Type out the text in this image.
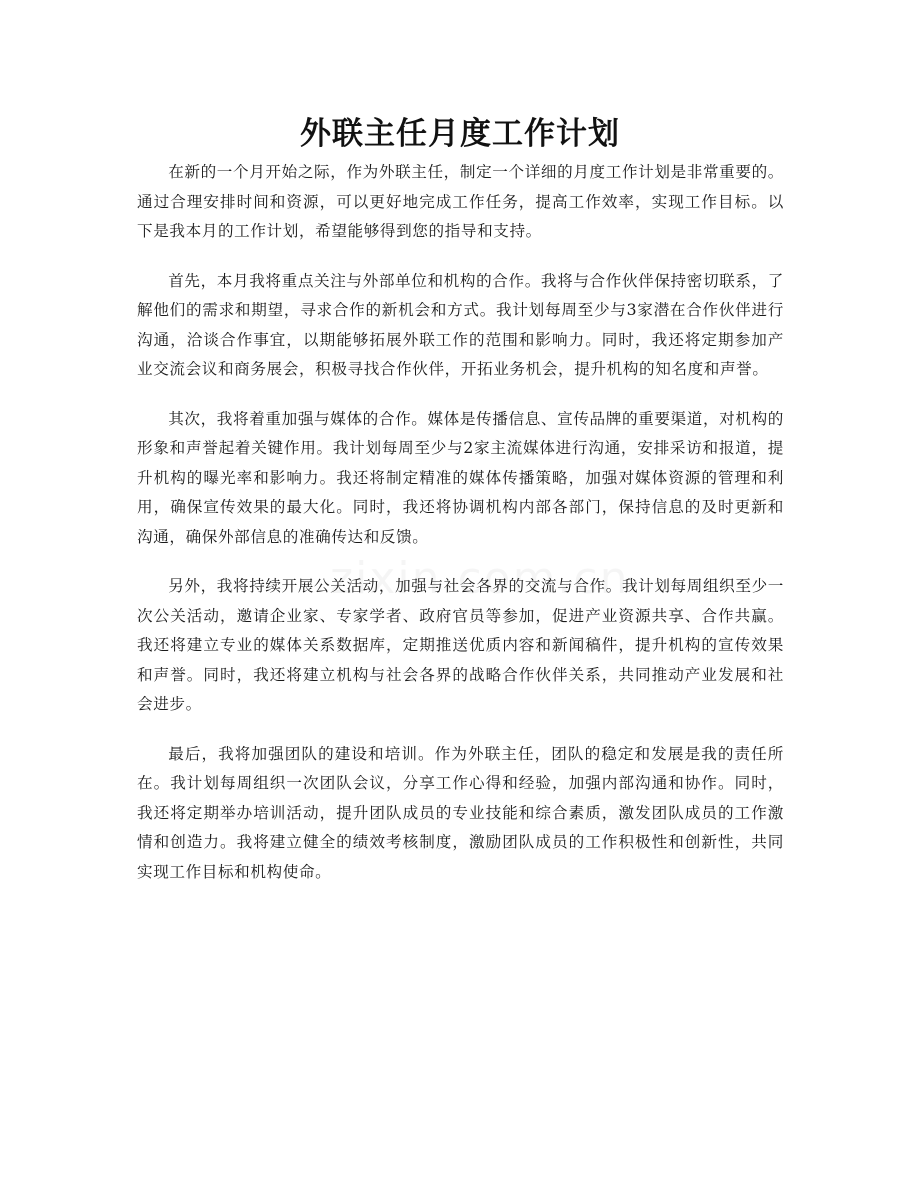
外联主任月度工作计划

在新的一个月开始之际，作为外联主任，制定一个详细的月度工作计划是非常重要的。通过合理安排时间和资源，可以更好地完成工作任务，提高工作效率，实现工作目标。以下是我本月的工作计划，希望能够得到您的指导和支持。

首先，本月我将重点关注与外部单位和机构的合作。我将与合作伙伴保持密切联系，了解他们的需求和期望，寻求合作的新机会和方式。我计划每周至少与3家潜在合作伙伴进行沟通，洽谈合作事宜，以期能够拓展外联工作的范围和影响力。同时，我还将定期参加产业交流会议和商务展会，积极寻找合作伙伴，开拓业务机会，提升机构的知名度和声誉。

其次，我将着重加强与媒体的合作。媒体是传播信息、宣传品牌的重要渠道，对机构的形象和声誉起着关键作用。我计划每周至少与2家主流媒体进行沟通，安排采访和报道，提升机构的曝光率和影响力。我还将制定精准的媒体传播策略，加强对媒体资源的管理和利用，确保宣传效果的最大化。同时，我还将协调机构内部各部门，保持信息的及时更新和沟通，确保外部信息的准确传达和反馈。

另外，我将持续开展公关活动，加强与社会各界的交流与合作。我计划每周组织至少一次公关活动，邀请企业家、专家学者、政府官员等参加，促进产业资源共享、合作共赢。我还将建立专业的媒体关系数据库，定期推送优质内容和新闻稿件，提升机构的宣传效果和声誉。同时，我还将建立机构与社会各界的战略合作伙伴关系，共同推动产业发展和社会进步。

最后，我将加强团队的建设和培训。作为外联主任，团队的稳定和发展是我的责任所在。我计划每周组织一次团队会议，分享工作心得和经验，加强内部沟通和协作。同时，我还将定期举办培训活动，提升团队成员的专业技能和综合素质，激发团队成员的工作激情和创造力。我将建立健全的绩效考核制度，激励团队成员的工作积极性和创新性，共同实现工作目标和机构使命。
